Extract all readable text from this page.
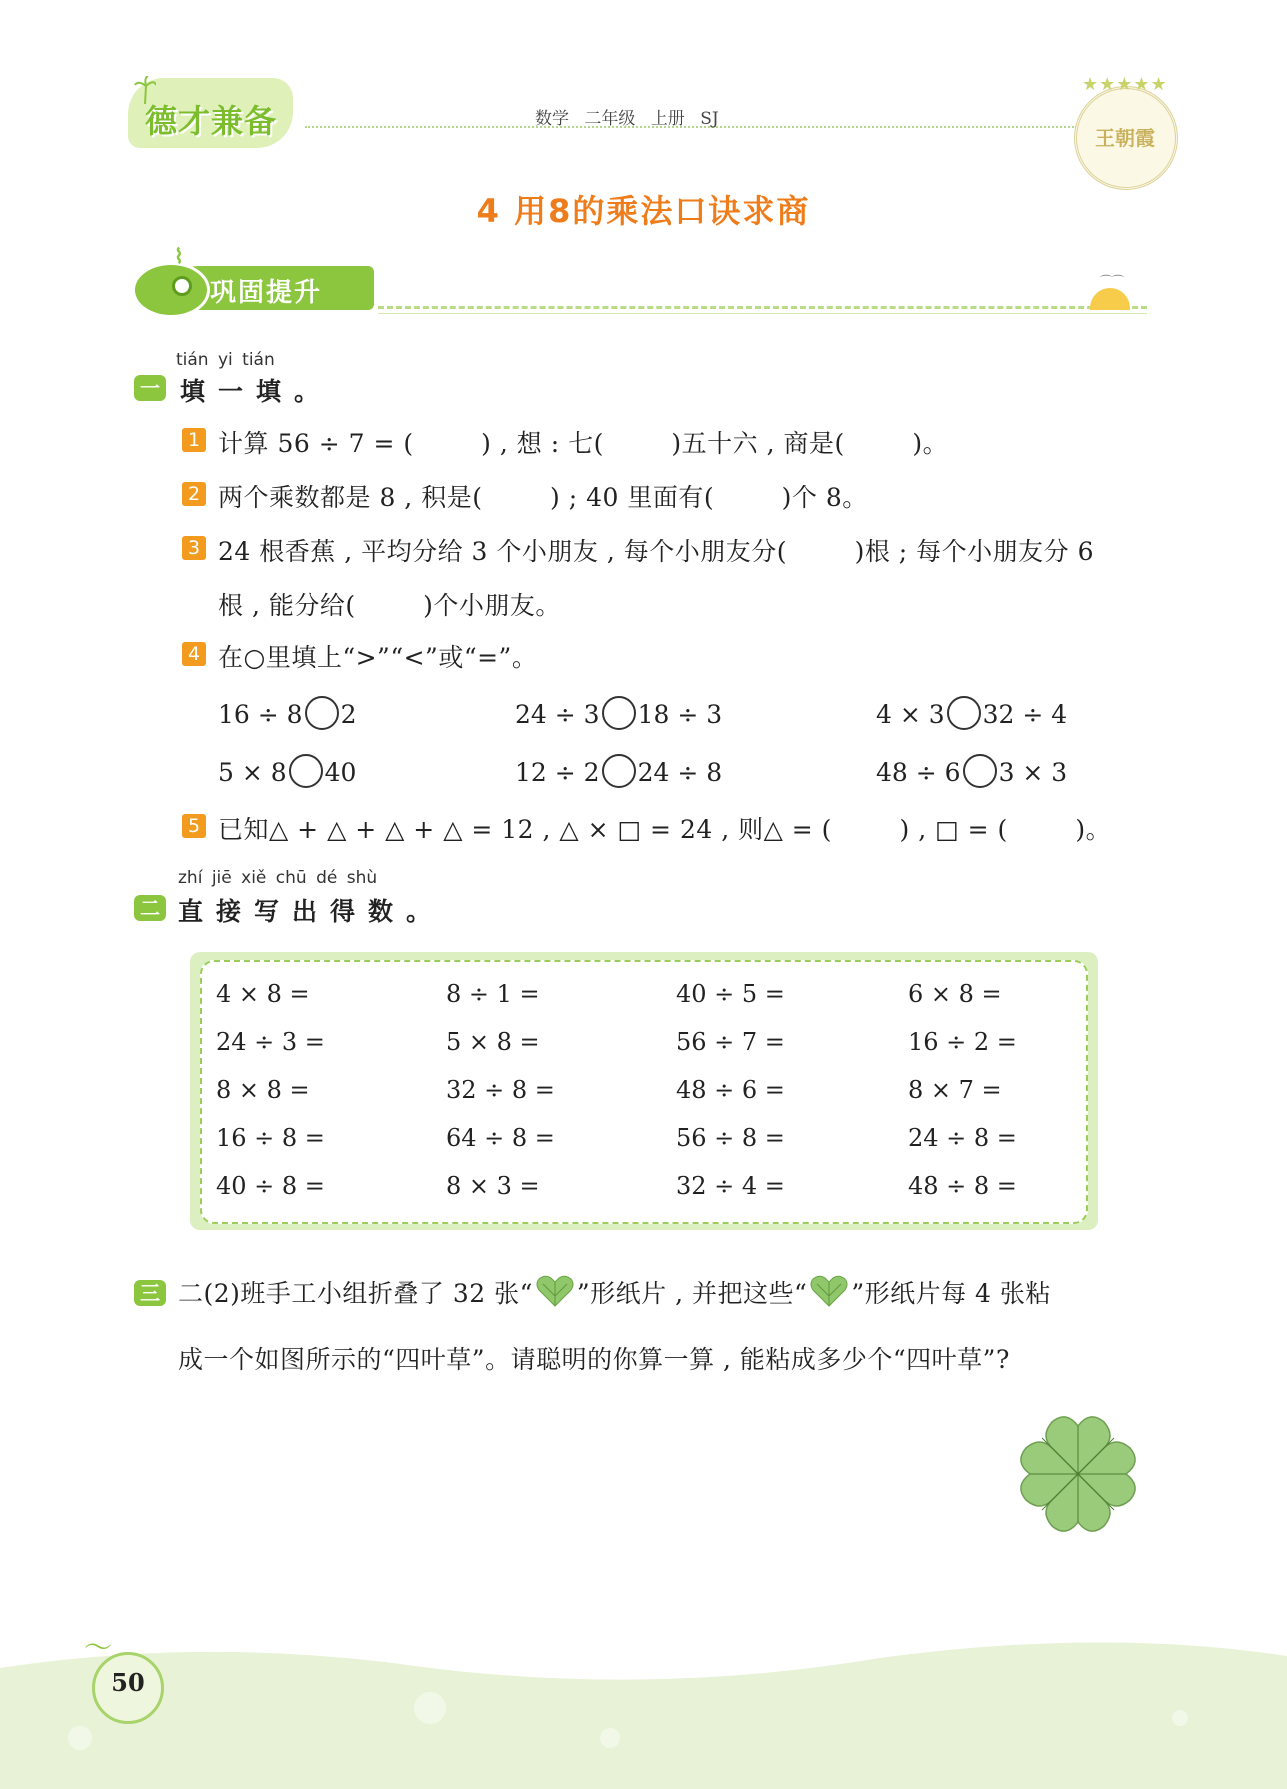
德才兼备	数学 二年级 上册 SJ
★★★★★
王朝霞
4 用8的乘法口诀求商
⌇
巩固提升	⌒⌒
tián yi tián
一 填一填。
1 计算 56 ÷ 7 = (        ) , 想 : 七(        )五十六 , 商是(        )。
2 两个乘数都是 8 , 积是(        ) ; 40 里面有(        )个 8。
3 24 根香蕉 , 平均分给 3 个小朋友 , 每个小朋友分(        )根 ; 每个小朋友分 6
根 , 能分给(        )个小朋友。
4 在○里填上“>”“<”或“=”。
16 ÷ 8 2	24 ÷ 3 18 ÷ 3	4 × 3 32 ÷ 4
5 × 8 40	12 ÷ 2 24 ÷ 8	48 ÷ 6 3 × 3
5 已知△ + △ + △ + △ = 12 , △ × □ = 24 , 则△ = (        ) , □ = (        )。
zhí jiē xiě chū dé shù
二 直接写出得数。
4 × 8 =	8 ÷ 1 =	40 ÷ 5 =	6 × 8 =
24 ÷ 3 =	5 × 8 =	56 ÷ 7 =	16 ÷ 2 =
8 × 8 =	32 ÷ 8 =	48 ÷ 6 =	8 × 7 =
16 ÷ 8 =	64 ÷ 8 =	56 ÷ 8 =	24 ÷ 8 =
40 ÷ 8 =	8 × 3 =	32 ÷ 4 =	48 ÷ 8 =
三 二(2)班手工小组折叠了 32 张“ ”形纸片 , 并把这些“ ”形纸片每 4 张粘
成一个如图所示的“四叶草”。请聪明的你算一算 , 能粘成多少个“四叶草”?
〜
50
